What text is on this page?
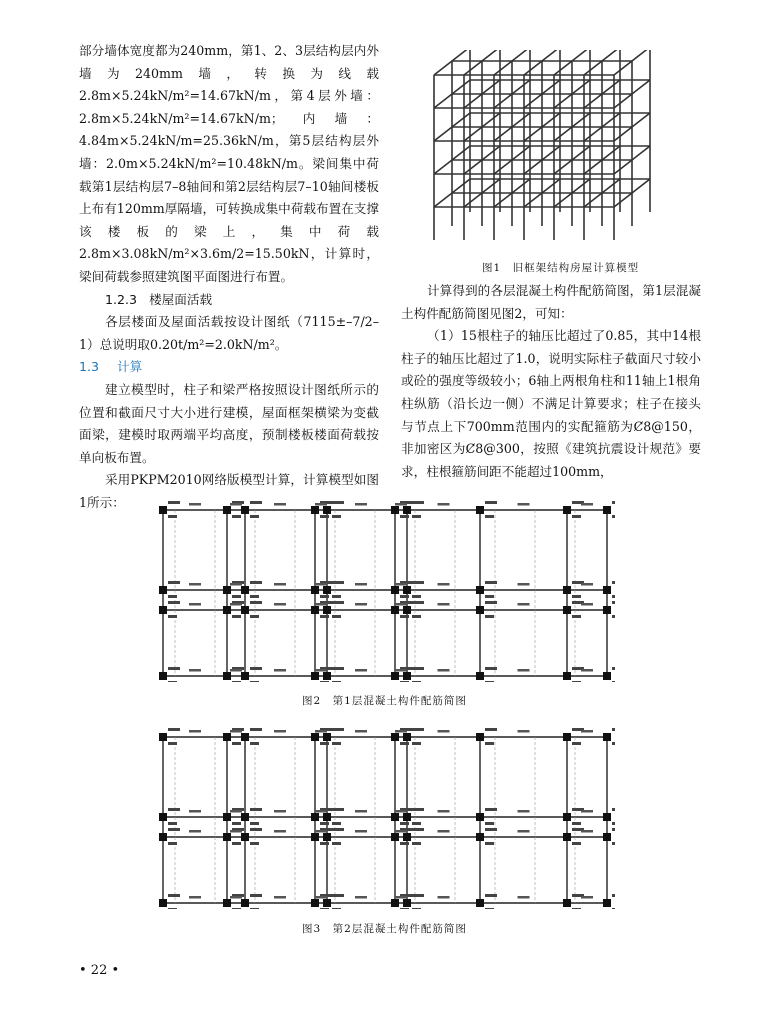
部分墙体宽度都为240mm，第1、2、3层结构层内外墙为240mm墙，转换为线载2.8m×5.24kN/m²=14.67kN/m，第4层外墙：2.8m×5.24kN/m²=14.67kN/m；内墙：4.84m×5.24kN/m=25.36kN/m，第5层结构层外墙：2.0m×5.24kN/m²=10.48kN/m。梁间集中荷载第1层结构层7–8轴间和第2层结构层7–10轴间楼板上布有120mm厚隔墙，可转换成集中荷载布置在支撑该楼板的梁上，集中荷载2.8m×3.08kN/m²×3.6m/2=15.50kN，计算时，梁间荷载参照建筑图平面图进行布置。

1.2.3 楼屋面活载

各层楼面及屋面活载按设计图纸（7115±–7/2–1）总说明取0.20t/m²=2.0kN/m²。

1.3 计算

建立模型时，柱子和梁严格按照设计图纸所示的位置和截面尺寸大小进行建模，屋面框架横梁为变截面梁，建模时取两端平均高度，预制楼板楼面荷载按单向板布置。

采用PKPM2010网络版模型计算，计算模型如图1所示：

图1　旧框架结构房屋计算模型

计算得到的各层混凝土构件配筋简图，第1层混凝土构件配筋简图见图2，可知：

（1）15根柱子的轴压比超过了0.85，其中14根柱子的轴压比超过了1.0，说明实际柱子截面尺寸较小或砼的强度等级较小；6轴上两根角柱和11轴上1根角柱纵筋（沿长边一侧）不满足计算要求；柱子在接头与节点上下700mm范围内的实配箍筋为Ȼ8@150，非加密区为Ȼ8@300，按照《建筑抗震设计规范》要求，柱根箍筋间距不能超过100mm，

图2　第1层混凝土构件配筋简图
图3　第2层混凝土构件配筋简图
• 22 •
